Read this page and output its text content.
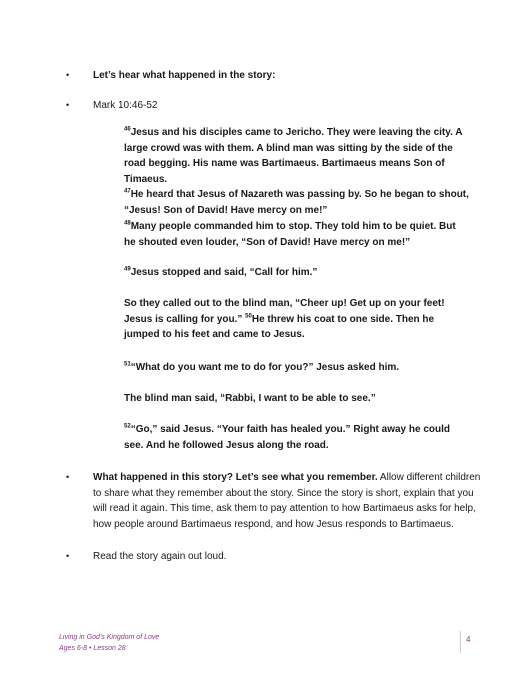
•	Let’s hear what happened in the story:
•	Mark 10:46-52

$^{46}$Jesus and his disciples came to Jericho. They were leaving the city. A large crowd was with them. A blind man was sitting by the side of the road begging. His name was Bartimaeus. Bartimaeus means Son of Timaeus.
$^{47}$He heard that Jesus of Nazareth was passing by. So he began to shout, “Jesus! Son of David! Have mercy on me!”

$^{48}$Many people commanded him to stop. They told him to be quiet. But he shouted even louder, “Son of David! Have mercy on me!”

$^{49}$Jesus stopped and said, “Call for him.”

So they called out to the blind man, “Cheer up! Get up on your feet! Jesus is calling for you.” $^{50}$He threw his coat to one side. Then he jumped to his feet and came to Jesus.

$^{51}$“What do you want me to do for you?” Jesus asked him.

The blind man said, “Rabbi, I want to be able to see.”

$^{52}$“Go,” said Jesus. “Your faith has healed you.” Right away he could see. And he followed Jesus along the road.

•	What happened in this story? Let’s see what you remember. Allow different children to share what they remember about the story. Since the story is short, explain that you will read it again. This time, ask them to pay attention to how Bartimaeus asks for help, how people around Bartimaeus respond, and how Jesus responds to Bartimaeus.
•	Read the story again out loud.
Living in God’s Kingdom of Love
Ages 6-8 • Lesson 28
4
